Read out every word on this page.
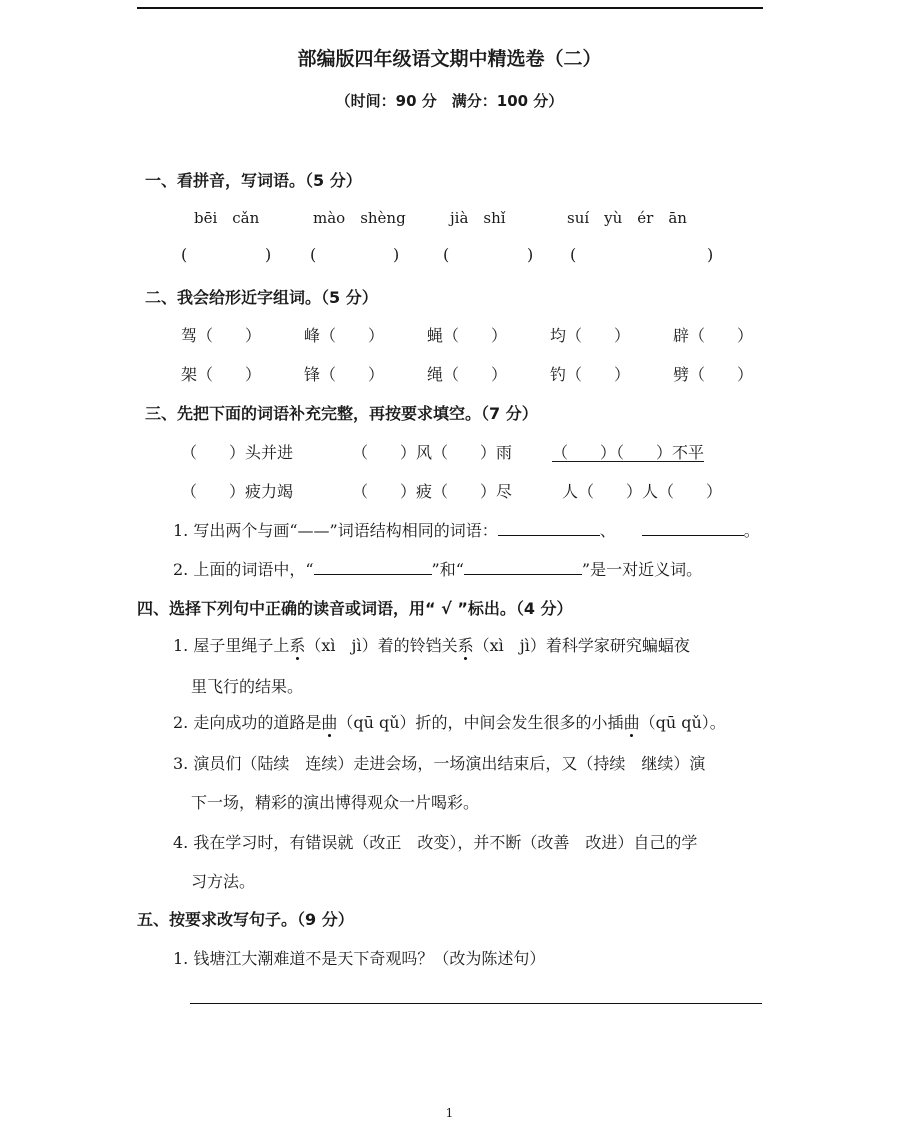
部编版四年级语文期中精选卷（二）
（时间：90 分　满分：100 分）
一、看拼音，写词语。（5 分）
bēi　cǎn	mào　shèng	jià　shǐ	suí　yù　ér　ān
(	) (	)	(	) (	)
二、我会给形近字组词。（5 分）
驾（　　）	峰（　　）	蝇（　　）	均（　　）	辟（　　）
架（　　）	锋（　　）	绳（　　）	钓（　　）	劈（　　）
三、先把下面的词语补充完整，再按要求填空。（7 分）
（　　）头并进	（　　）风（　　）雨 （　　）（　　）不平
（　　）疲力竭	（　　）疲（　　）尽	人（　　）人（　　）
1. 写出两个与画“——”词语结构相同的词语：	、	。
2. 上面的词语中，“	”和“	”是一对近义词。
四、选择下列句中正确的读音或词语，用“ √ ”标出。（4 分）
1. 屋子里绳子上系（xì　jì）着的铃铛关系（xì　jì）着科学家研究蝙蝠夜
里飞行的结果。
2. 走向成功的道路是曲（qū qǔ）折的，中间会发生很多的小插曲（qū qǔ）。
3. 演员们（陆续　连续）走进会场，一场演出结束后，又（持续　继续）演
下一场，精彩的演出博得观众一片喝彩。
4. 我在学习时，有错误就（改正　改变），并不断（改善　改进）自己的学
习方法。
五、按要求改写句子。（9 分）
1. 钱塘江大潮难道不是天下奇观吗？（改为陈述句）
1
